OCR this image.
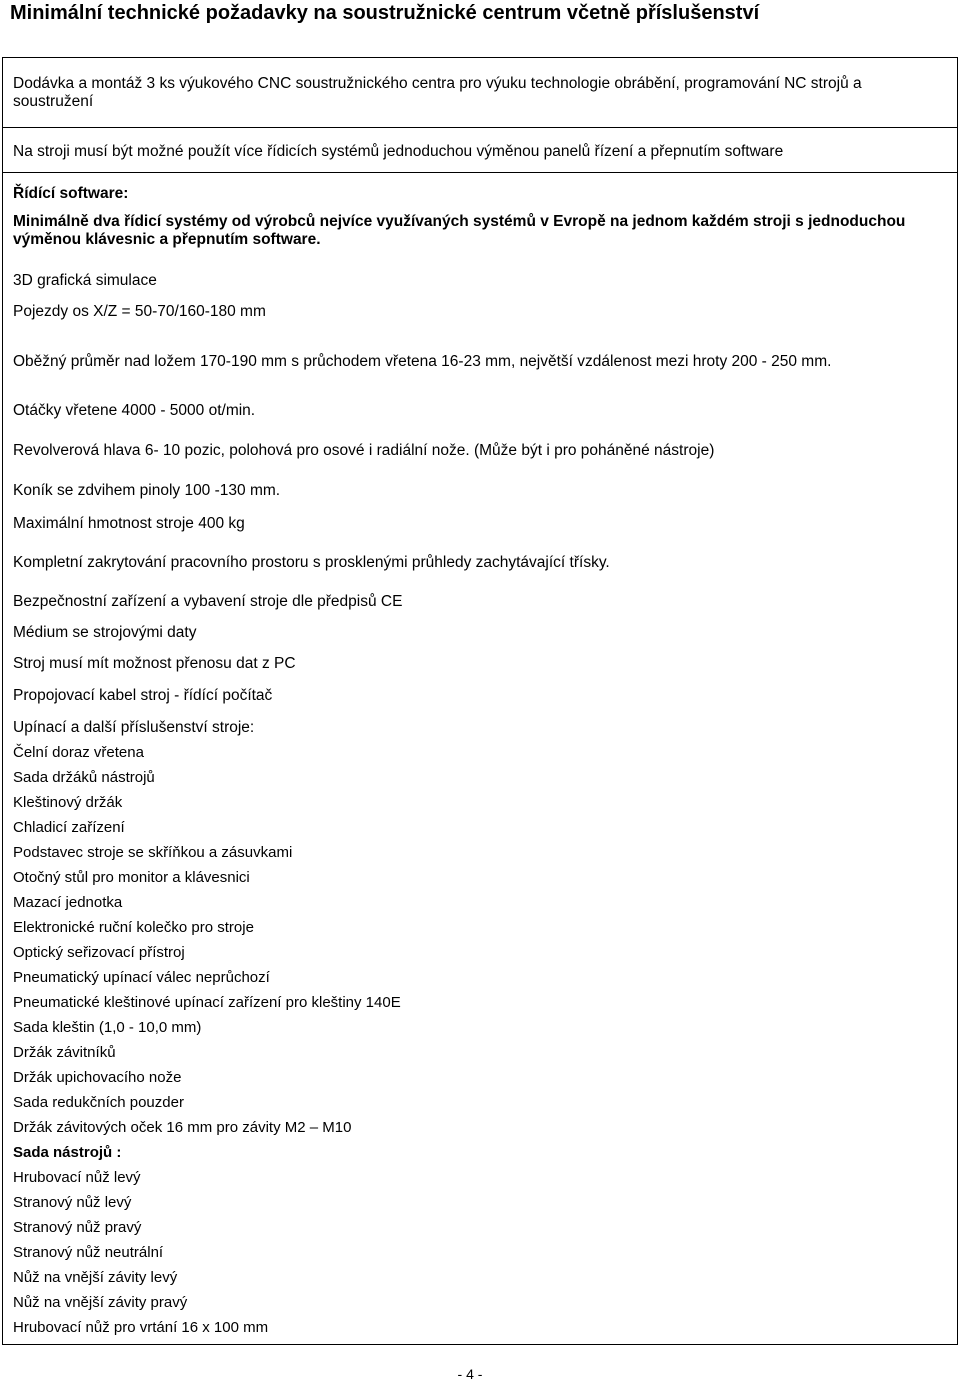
Minimální technické požadavky na soustružnické centrum včetně příslušenství

Dodávka a montáž 3 ks výukového CNC soustružnického centra pro výuku technologie obrábění, programování NC strojů a soustružení

Na stroji musí být možné použít více řídicích systémů jednoduchou výměnou panelů řízení a přepnutím software

Řídící software:

Minimálně dva řídicí systémy od výrobců nejvíce využívaných systémů v Evropě na jednom každém stroji s jednoduchou výměnou klávesnic a přepnutím software.

3D grafická simulace

Pojezdy os X/Z = 50-70/160-180 mm

Oběžný průměr nad ložem 170-190 mm s průchodem vřetena 16-23 mm, největší vzdálenost mezi hroty 200 - 250 mm.

Otáčky vřetene 4000 - 5000 ot/min.

Revolverová hlava 6- 10 pozic, polohová pro osové i radiální nože. (Může být i pro poháněné nástroje)

Koník se zdvihem pinoly 100 -130 mm.

Maximální hmotnost stroje 400 kg

Kompletní zakrytování pracovního prostoru s prosklenými průhledy zachytávající třísky.

Bezpečnostní zařízení a vybavení stroje dle předpisů CE

Médium se strojovými daty

Stroj musí mít možnost přenosu dat z PC

Propojovací kabel stroj - řídící počítač

Upínací a další příslušenství stroje:

Čelní doraz vřetena

Sada držáků nástrojů

Kleštinový držák

Chladicí zařízení

Podstavec stroje se skříňkou a zásuvkami

Otočný stůl pro monitor a klávesnici

Mazací jednotka

Elektronické ruční kolečko pro stroje

Optický seřizovací přístroj

Pneumatický upínací válec neprůchozí

Pneumatické kleštinové upínací zařízení pro kleštiny 140E

Sada kleštin (1,0 - 10,0 mm)

Držák závitníků

Držák upichovacího nože

Sada redukčních pouzder

Držák závitových oček 16 mm pro závity M2 – M10

Sada nástrojů :

Hrubovací nůž levý

Stranový nůž levý

Stranový nůž pravý

Stranový nůž neutrální

Nůž na vnější závity levý

Nůž na vnější závity pravý

Hrubovací nůž pro vrtání 16 x 100 mm

- 4 -
